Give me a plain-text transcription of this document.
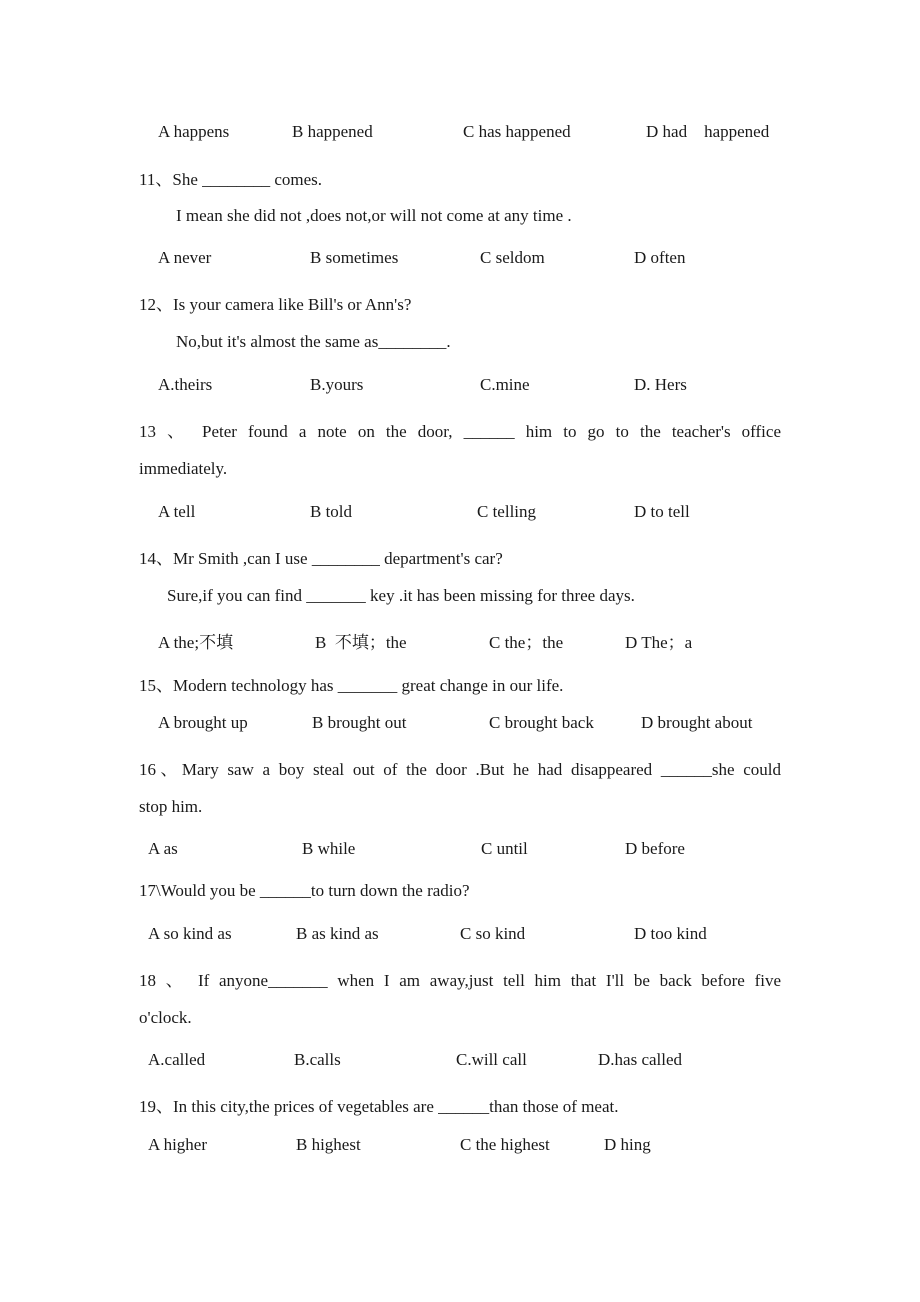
A happens	B happened	C has happened	D had    happened
11、She ________ comes.
I mean she did not ,does not,or will not come at any time .
A never	B sometimes	C seldom	D often
12、Is your camera like Bill's or Ann's?
No,but it's almost the same as________.
A.theirs	B.yours	C.mine	D. Hers
13 、 Peter found a note on the door, ______ him to go to the teacher's office
immediately.
A tell	B told	C telling	D to tell
14、Mr Smith ,can I use ________ department's car?
Sure,if you can find _______ key .it has been missing for three days.
A the;不填	B  不填；the	C the；the	D The；a
15、Modern technology has _______ great change in our life.
A brought up	B brought out	C brought back	D brought about
16、Mary saw a boy steal out of the door .But he had disappeared ______she could
stop him.
A as	B while	C until	D before
17\Would you be ______to turn down the radio?
A so kind as	B as kind as	C so kind	D too kind
18 、 If anyone_______ when I am away,just tell him that I'll be back before five
o'clock.
A.called	B.calls	C.will call	D.has called
19、In this city,the prices of vegetables are ______than those of meat.
A higher	B highest	C the highest	D hing
